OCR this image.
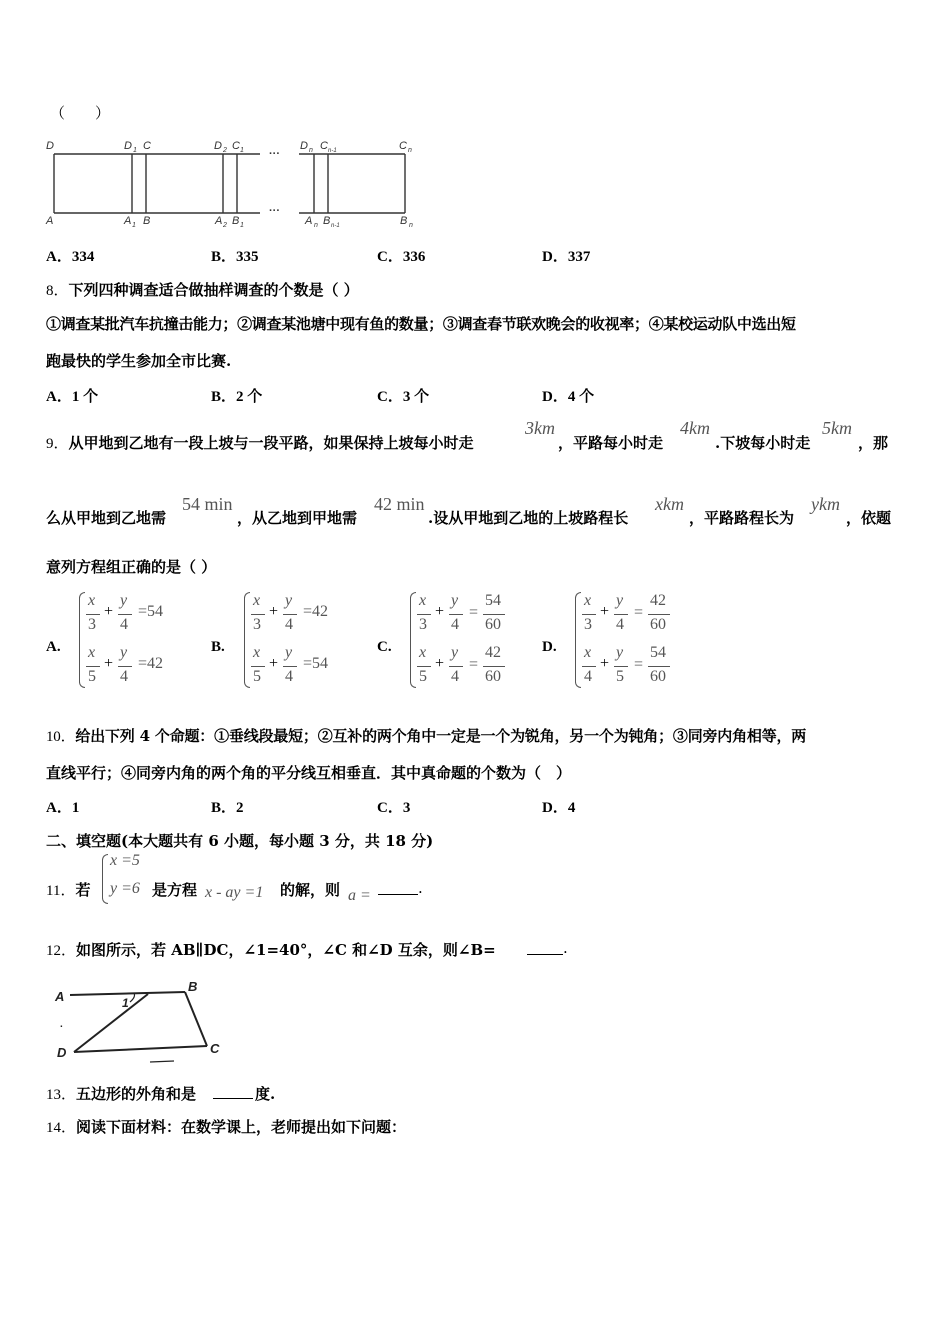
（　　）
D	D 1 C	D 2 C 1 ···
D n C n-1	C n
A	A 1 B	A 2 B 1
···
A n B n-1	B n
A．334	B．335	C．336	D．337
8．下列四种调查适合做抽样调查的个数是（ ）
①调查某批汽车抗撞击能力；②调查某池塘中现有鱼的数量；③调查春节联欢晚会的收视率；④某校运动队中选出短
跑最快的学生参加全市比赛.
A．1 个	B．2 个	C．3 个	D．4 个
9．从甲地到乙地有一段上坡与一段平路，如果保持上坡每小时走
3km
，平路每小时走
4km
.下坡每小时走
5km
，那
么从甲地到乙地需
54 min
，从乙地到甲地需
42 min
.设从甲地到乙地的上坡路程长
xkm
，平路路程长为
ykm
，依题
意列方程组正确的是（ ）
A.
x
3
+
y
4
=54
x
5
+
y
4
=42
B.
x
3
+
y
4
=42
x
5
+
y
4
=54
C.
x
3
+
y
4
=
54
60
x
5
+
y
4
=
42
60
D.
x
3
+
y
4
=
42
60
x
4
+
y
5
=
54
60
10．给出下列 4 个命题：①垂线段最短；②互补的两个角中一定是一个为锐角，另一个为钝角；③同旁内角相等，两
直线平行；④同旁内角的两个角的平分线互相垂直．其中真命题的个数为（　）
A．1	B．2	C．3	D．4
二、填空题(本大题共有 6 小题，每小题 3 分，共 18 分)
11．若
x =5
y =6 是方程 x - ay =1 的解，则 a =	.
12．如图所示，若 AB∥DC，∠1=40°，∠C 和∠D 互余，则∠B=	.
A
B
C
D
1
.
13．五边形的外角和是	度.
14．阅读下面材料：在数学课上，老师提出如下问题：
